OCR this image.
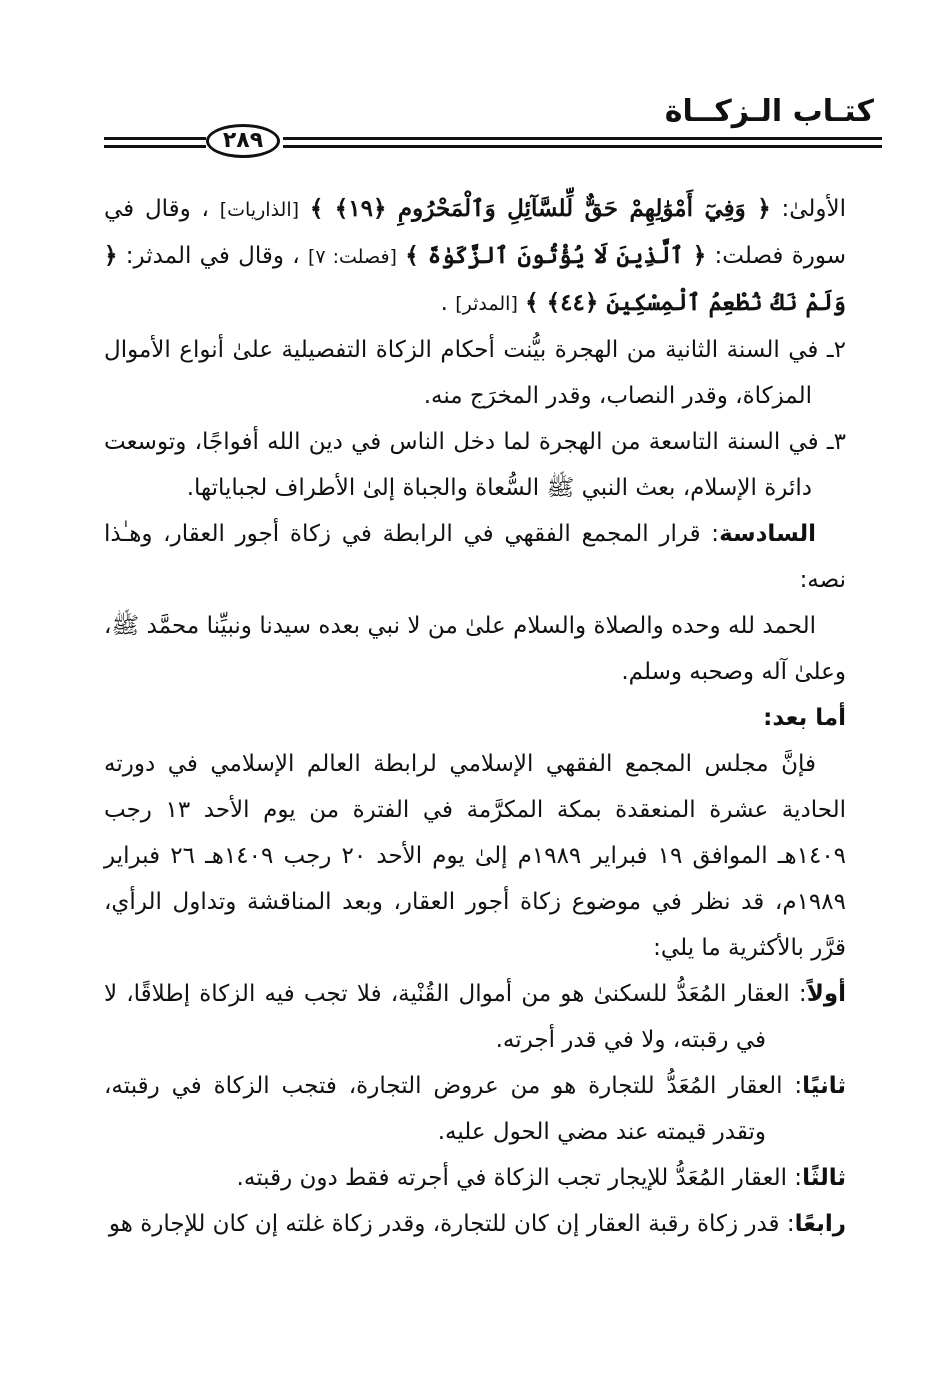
كتـاب الـزكــاة
٢٨٩

الأولىٰ: ﴿ وَفِيٓ أَمْوَٰلِهِمْ حَقٌّ لِّلسَّآئِلِ وَٱلْمَحْرُومِ ﴿١٩﴾ ﴾ [الذاريات] ، وقال في سورة فصلت: ﴿ ٱلَّذِينَ لَا يُؤْتُونَ ٱلزَّكَوٰةَ ﴾ [فصلت: ٧] ، وقال في المدثر: ﴿ وَلَمْ نَكُ نُطْعِمُ ٱلْمِسْكِينَ ﴿٤٤﴾ ﴾ [المدثر] .

٢ـ في السنة الثانية من الهجرة بيُّنت أحكام الزكاة التفصيلية علىٰ أنواع الأموال المزكاة، وقدر النصاب، وقدر المخرَج منه.

٣ـ في السنة التاسعة من الهجرة لما دخل الناس في دين الله أفواجًا، وتوسعت دائرة الإسلام، بعث النبي ﷺ السُّعاة والجباة إلىٰ الأطراف لجباياتها.

السادسة: قرار المجمع الفقهي في الرابطة في زكاة أجور العقار، وهـٰذا نصه:

الحمد لله وحده والصلاة والسلام علىٰ من لا نبي بعده سيدنا ونبيِّنا محمَّد ﷺ، وعلىٰ آله وصحبه وسلم.

أما بعد:

فإنَّ مجلس المجمع الفقهي الإسلامي لرابطة العالم الإسلامي في دورته الحادية عشرة المنعقدة بمكة المكرَّمة في الفترة من يوم الأحد ١٣ رجب ١٤٠٩هـ الموافق ١٩ فبراير ١٩٨٩م إلىٰ يوم الأحد ٢٠ رجب ١٤٠٩هـ ٢٦ فبراير ١٩٨٩م، قد نظر في موضوع زكاة أجور العقار، وبعد المناقشة وتداول الرأي، قرَّر بالأكثرية ما يلي:

أولاً: العقار المُعَدُّ للسكنىٰ هو من أموال القُنْية، فلا تجب فيه الزكاة إطلاقًا، لا في رقبته، ولا في قدر أجرته.

ثانيًا: العقار المُعَدُّ للتجارة هو من عروض التجارة، فتجب الزكاة في رقبته، وتقدر قيمته عند مضي الحول عليه.

ثالثًا: العقار المُعَدُّ للإيجار تجب الزكاة في أجرته فقط دون رقبته.

رابعًا: قدر زكاة رقبة العقار إن كان للتجارة، وقدر زكاة غلته إن كان للإجارة هو
